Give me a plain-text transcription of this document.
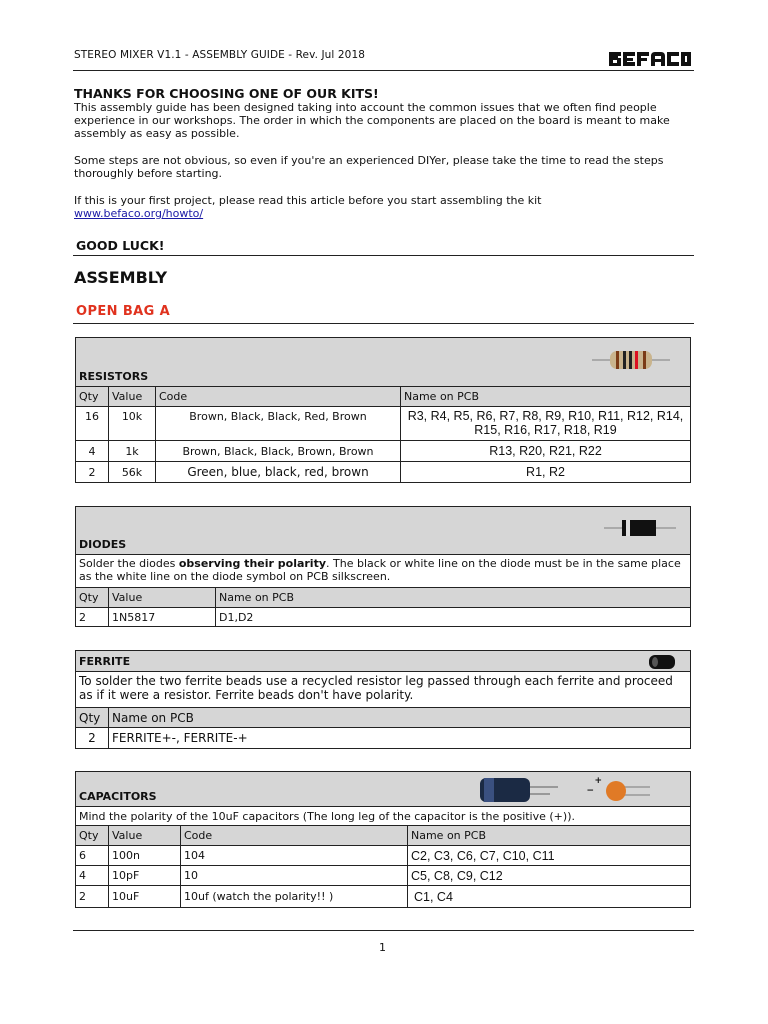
STEREO MIXER V1.1 - ASSEMBLY GUIDE - Rev. Jul 2018
THANKS FOR CHOOSING ONE OF OUR KITS!
This assembly guide has been designed taking into account the common issues that we often find people experience in our workshops. The order in which the components are placed on the board is meant to make assembly as easy as possible.
Some steps are not obvious, so even if you're an experienced DIYer, please take the time to read the steps thoroughly before starting.
If this is your first project, please read this article before you start assembling the kit
www.befaco.org/howto/
GOOD LUCK!
ASSEMBLY
OPEN BAG A
RESISTORS			

Qty	Value	Code	Name on PCB
16	10k	Brown, Black, Black, Red, Brown	R3, R4, R5, R6, R7, R8, R9, R10, R11, R12, R14, R15, R16, R17, R18, R19
4	1k	Brown, Black, Black, Brown, Brown	R13, R20, R21, R22
2	56k	Green, blue, black, red, brown	R1, R2
DIODES		

Solder the diodes observing their polarity. The black or white line on the diode must be in the same place as the white line on the diode symbol on PCB silkscreen.		
Qty	Value	Name on PCB
2	1N5817	D1,D2
FERRITE	

To solder the two ferrite beads use a recycled resistor leg passed through each ferrite and proceed as if it were a resistor. Ferrite beads don't have polarity.	
Qty	Name on PCB
2	FERRITE+-, FERRITE-+
CAPACITORS
+
−			

Mind the polarity of the 10uF capacitors (The long leg of the capacitor is the positive (+)).			
Qty	Value	Code	Name on PCB
6	100n	104	C2, C3, C6, C7, C10, C11
4	10pF	10	C5, C8, C9, C12
2	10uF	10uf (watch the polarity!! )	C1, C4
1
